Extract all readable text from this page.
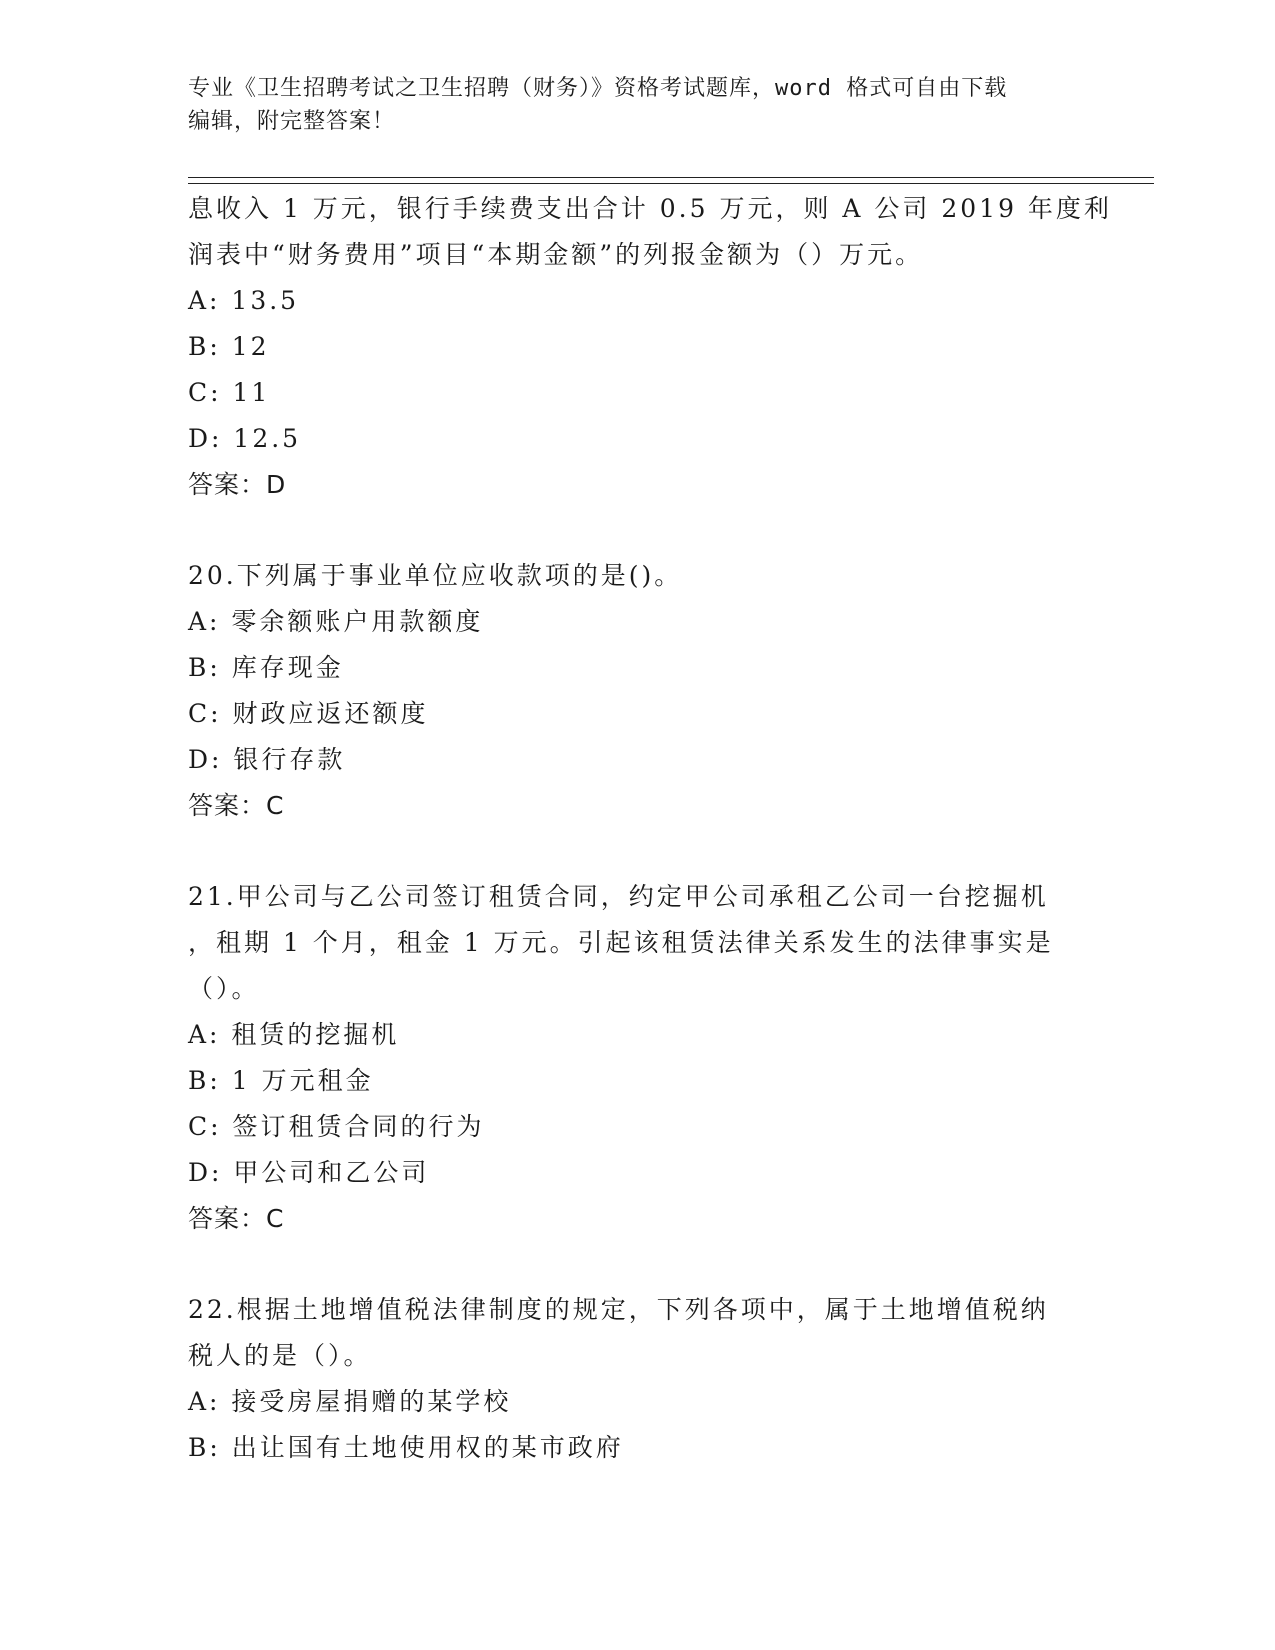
专业《卫生招聘考试之卫生招聘（财务）》资格考试题库，word 格式可自由下载
编辑，附完整答案！
息收入 1 万元，银行手续费支出合计 0.5 万元，则 A 公司 2019 年度利
润表中“财务费用”项目“本期金额”的列报金额为（）万元。
A: 13.5
B: 12
C: 11
D: 12.5
答案：D
20.下列属于事业单位应收款项的是()。
A: 零余额账户用款额度
B: 库存现金
C: 财政应返还额度
D: 银行存款
答案：C
21.甲公司与乙公司签订租赁合同，约定甲公司承租乙公司一台挖掘机
，租期 1 个月，租金 1 万元。引起该租赁法律关系发生的法律事实是
（）。
A: 租赁的挖掘机
B: 1 万元租金
C: 签订租赁合同的行为
D: 甲公司和乙公司
答案：C
22.根据土地增值税法律制度的规定，下列各项中，属于土地增值税纳
税人的是（）。
A: 接受房屋捐赠的某学校
B: 出让国有土地使用权的某市政府
